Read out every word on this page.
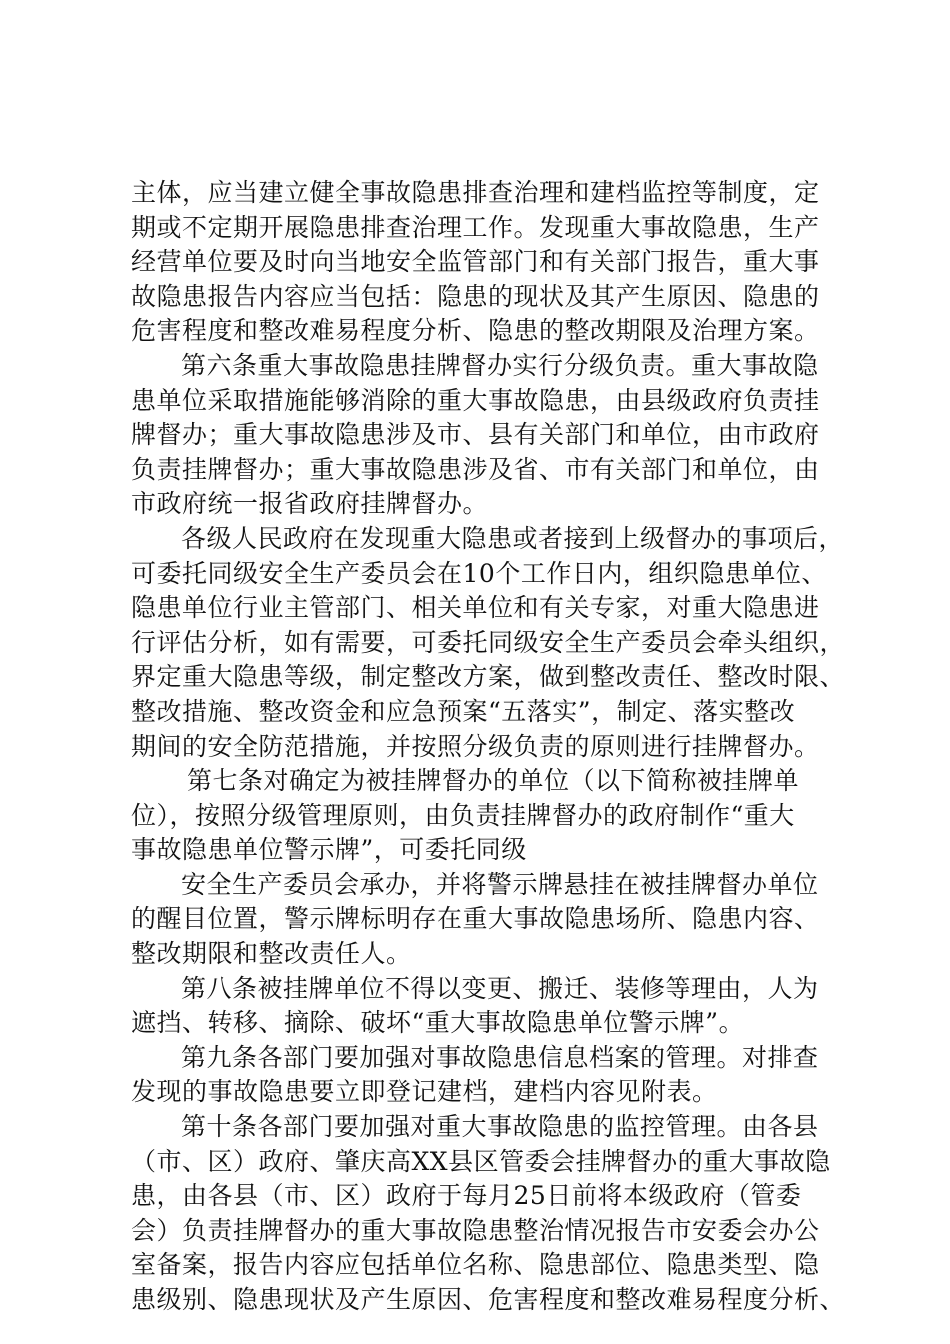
主体，应当建立健全事故隐患排查治理和建档监控等制度，定
期或不定期开展隐患排查治理工作。发现重大事故隐患，生产
经营单位要及时向当地安全监管部门和有关部门报告，重大事
故隐患报告内容应当包括：隐患的现状及其产生原因、隐患的
危害程度和整改难易程度分析、隐患的整改期限及治理方案。
第六条重大事故隐患挂牌督办实行分级负责。重大事故隐
患单位采取措施能够消除的重大事故隐患，由县级政府负责挂
牌督办；重大事故隐患涉及市、县有关部门和单位，由市政府
负责挂牌督办；重大事故隐患涉及省、市有关部门和单位，由
市政府统一报省政府挂牌督办。
各级人民政府在发现重大隐患或者接到上级督办的事项后，
可委托同级安全生产委员会在10个工作日内，组织隐患单位、
隐患单位行业主管部门、相关单位和有关专家，对重大隐患进
行评估分析，如有需要，可委托同级安全生产委员会牵头组织，
界定重大隐患等级，制定整改方案，做到整改责任、整改时限、
整改措施、整改资金和应急预案“五落实”，制定、落实整改
期间的安全防范措施，并按照分级负责的原则进行挂牌督办。
第七条对确定为被挂牌督办的单位（以下简称被挂牌单
位），按照分级管理原则，由负责挂牌督办的政府制作“重大
事故隐患单位警示牌”，可委托同级
安全生产委员会承办，并将警示牌悬挂在被挂牌督办单位
的醒目位置，警示牌标明存在重大事故隐患场所、隐患内容、
整改期限和整改责任人。
第八条被挂牌单位不得以变更、搬迁、装修等理由，人为
遮挡、转移、摘除、破坏“重大事故隐患单位警示牌”。
第九条各部门要加强对事故隐患信息档案的管理。对排查
发现的事故隐患要立即登记建档，建档内容见附表。
第十条各部门要加强对重大事故隐患的监控管理。由各县
（市、区）政府、肇庆高XX县区管委会挂牌督办的重大事故隐
患，由各县（市、区）政府于每月25日前将本级政府（管委
会）负责挂牌督办的重大事故隐患整治情况报告市安委会办公
室备案，报告内容应包括单位名称、隐患部位、隐患类型、隐
患级别、隐患现状及产生原因、危害程度和整改难易程度分析、
